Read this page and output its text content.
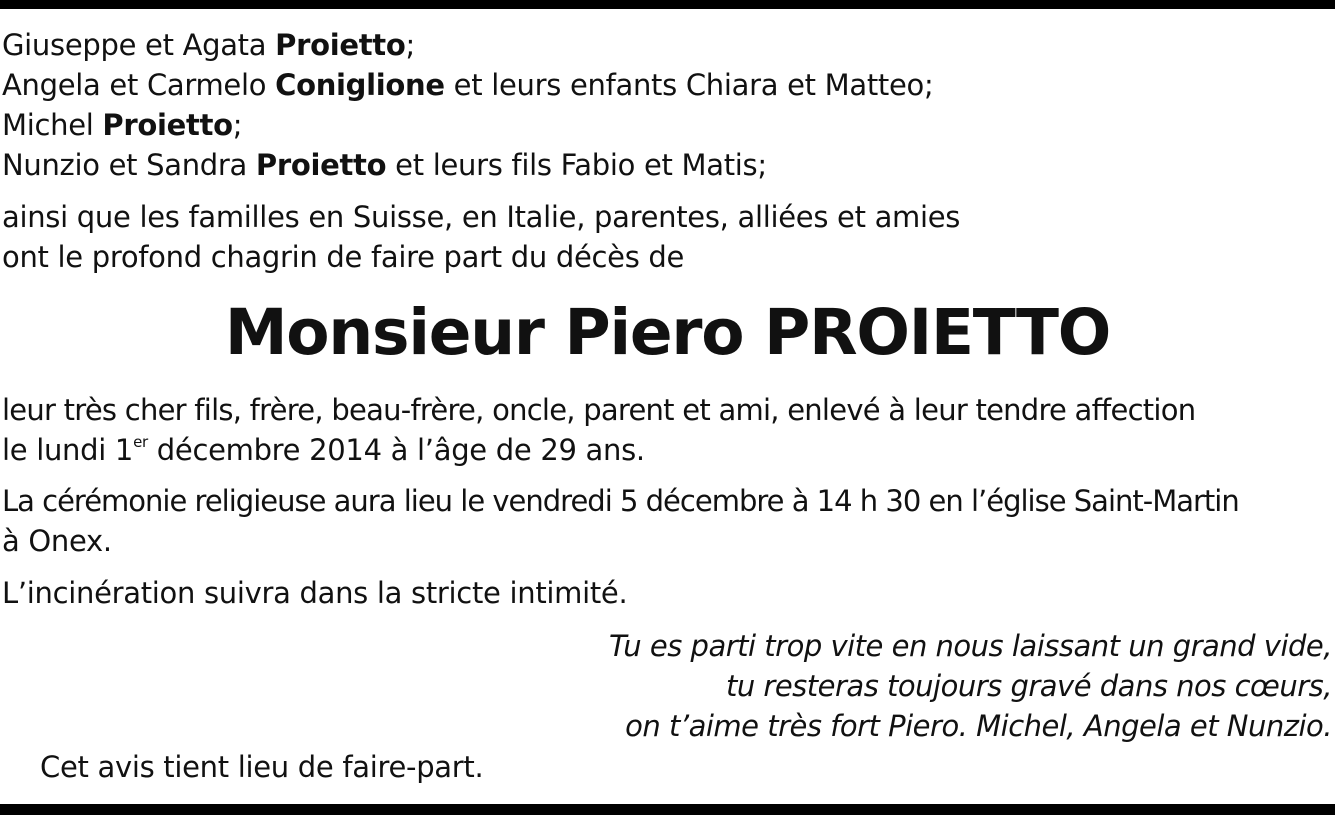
Giuseppe et Agata Proietto;
Angela et Carmelo Coniglione et leurs enfants Chiara et Matteo;
Michel Proietto;
Nunzio et Sandra Proietto et leurs fils Fabio et Matis;
ainsi que les familles en Suisse, en Italie, parentes, alliées et amies
ont le profond chagrin de faire part du décès de
Monsieur Piero PROIETTO
leur très cher fils, frère, beau-frère, oncle, parent et ami, enlevé à leur tendre affection
le lundi 1er décembre 2014 à l’âge de 29 ans.
La cérémonie religieuse aura lieu le vendredi 5 décembre à 14 h 30 en l’église Saint-Martin
à Onex.
L’incinération suivra dans la stricte intimité.
Tu es parti trop vite en nous laissant un grand vide,
tu resteras toujours gravé dans nos cœurs,
on t’aime très fort Piero. Michel, Angela et Nunzio.
Cet avis tient lieu de faire-part.
